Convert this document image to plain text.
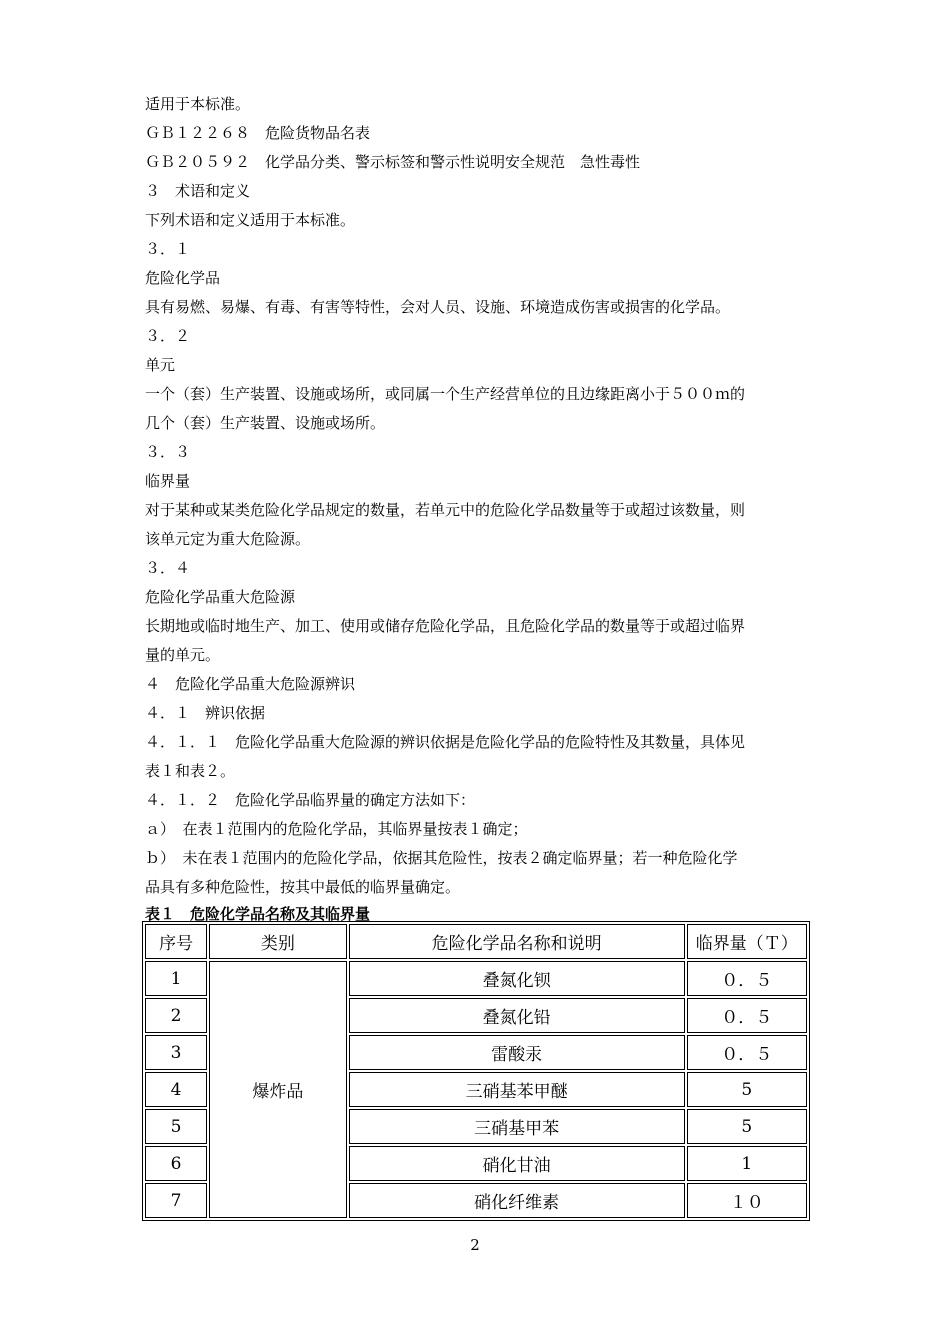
适用于本标准。
ＧＢ１２２６８　危险货物品名表
ＧＢ２０５９２　化学品分类、警示标签和警示性说明安全规范　急性毒性
３　术语和定义
下列术语和定义适用于本标准。
３．１
危险化学品
具有易燃、易爆、有毒、有害等特性，会对人员、设施、环境造成伤害或损害的化学品。
３．２
单元
一个（套）生产装置、设施或场所，或同属一个生产经营单位的且边缘距离小于５００ｍ的
几个（套）生产装置、设施或场所。
３．３
临界量
对于某种或某类危险化学品规定的数量，若单元中的危险化学品数量等于或超过该数量，则
该单元定为重大危险源。
３．４
危险化学品重大危险源
长期地或临时地生产、加工、使用或储存危险化学品，且危险化学品的数量等于或超过临界
量的单元。
４　危险化学品重大危险源辨识
４．１　辨识依据
４．１．１　危险化学品重大危险源的辨识依据是危险化学品的危险特性及其数量，具体见
表１和表２。
４．１．２　危险化学品临界量的确定方法如下：
ａ）　在表１范围内的危险化学品，其临界量按表１确定；
ｂ）　未在表１范围内的危险化学品，依据其危险性，按表２确定临界量；若一种危险化学
品具有多种危险性，按其中最低的临界量确定。
表１　危险化学品名称及其临界量
序号	类别	危险化学品名称和说明	临界量（Ｔ）
1	爆炸品	叠氮化钡	０．５
2		叠氮化铅	０．５
3		雷酸汞	０．５
4		三硝基苯甲醚	5
5		三硝基甲苯	5
6		硝化甘油	1
7		硝化纤维素	１０
2
